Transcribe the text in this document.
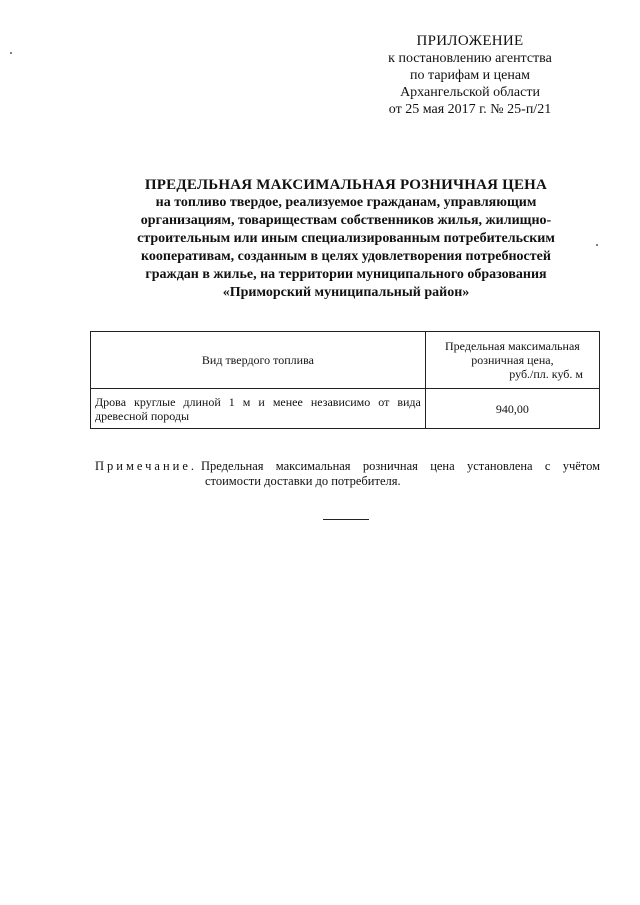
ПРИЛОЖЕНИЕ
к постановлению агентства
по тарифам и ценам
Архангельской области
от 25 мая 2017 г. № 25-п/21
ПРЕДЕЛЬНАЯ МАКСИМАЛЬНАЯ РОЗНИЧНАЯ ЦЕНА
на топливо твердое, реализуемое гражданам, управляющим
организациям, товариществам собственников жилья, жилищно-
строительным или иным специализированным потребительским
кооперативам, созданным в целях удовлетворения потребностей
граждан в жилье, на территории муниципального образования
«Приморский муниципальный район»
Вид твердого топлива	Предельная максимальная
розничная цена,
руб./пл. куб. м

Дрова круглые длиной 1 м и менее независимо от вида древесной породы	940,00
Примечание. Предельная максимальная розничная цена установлена с учётом
стоимости доставки до потребителя.
